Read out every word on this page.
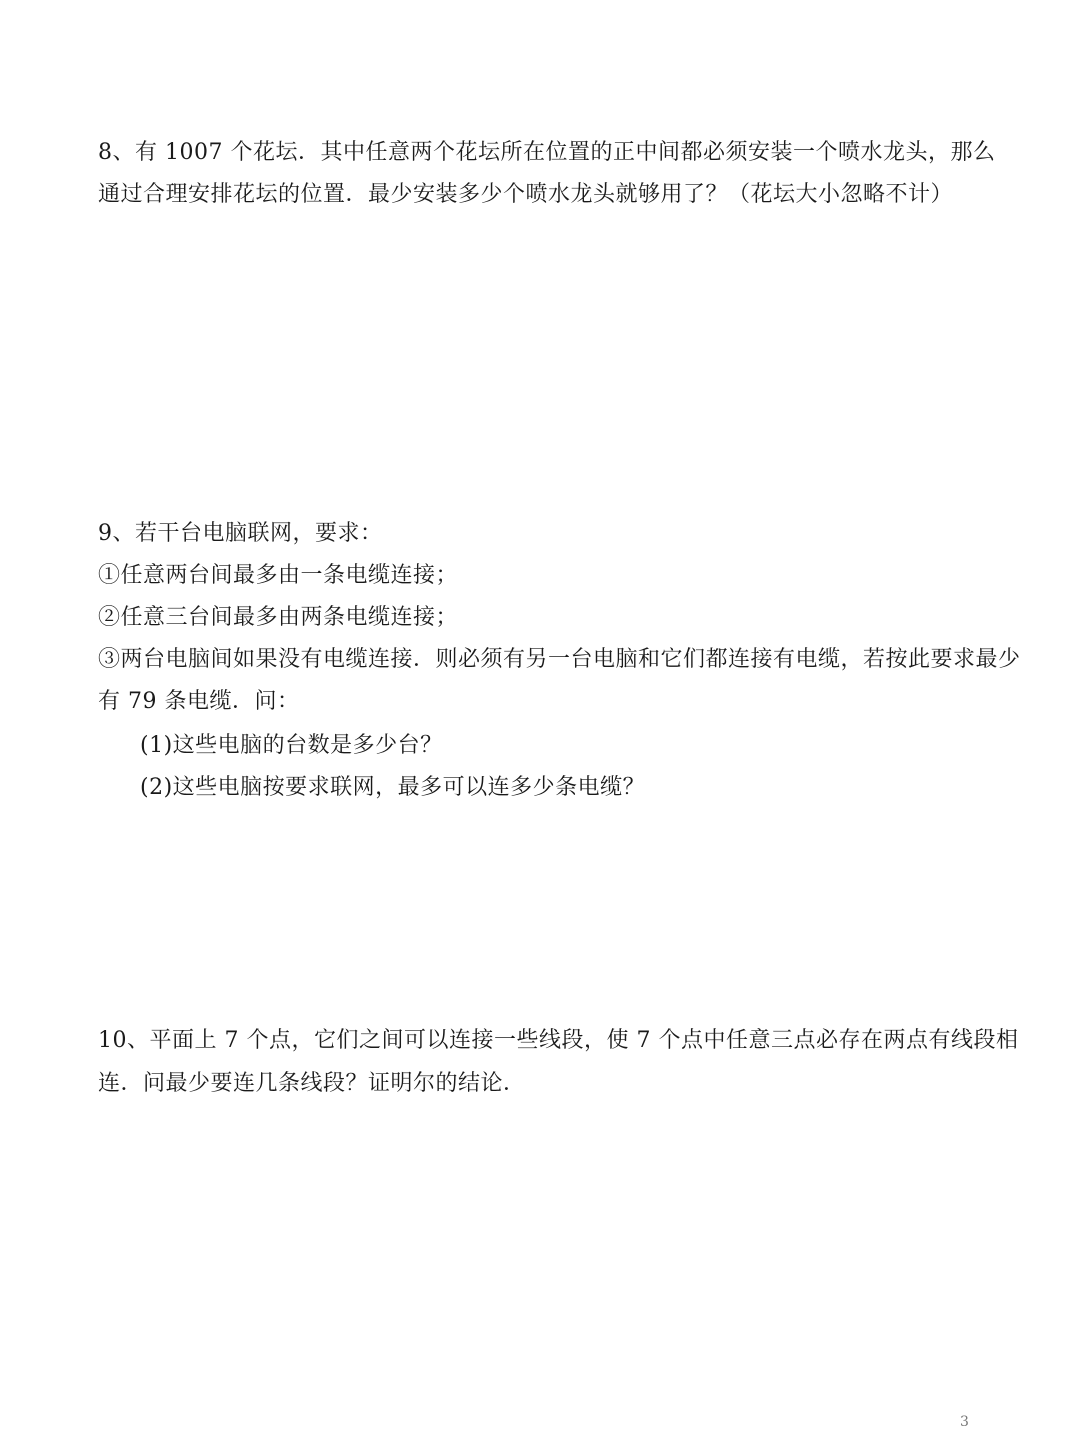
8、有 1007 个花坛．其中任意两个花坛所在位置的正中间都必须安装一个喷水龙头，那么
通过合理安排花坛的位置．最少安装多少个喷水龙头就够用了？（花坛大小忽略不计）
9、若干台电脑联网，要求：
①任意两台间最多由一条电缆连接；
②任意三台间最多由两条电缆连接；
③两台电脑间如果没有电缆连接．则必须有另一台电脑和它们都连接有电缆，若按此要求最少
有 79 条电缆．问：
(1)这些电脑的台数是多少台？
(2)这些电脑按要求联网，最多可以连多少条电缆？
10、平面上 7 个点，它们之间可以连接一些线段，使 7 个点中任意三点必存在两点有线段相
连．问最少要连几条线段？证明尔的结论．
3
